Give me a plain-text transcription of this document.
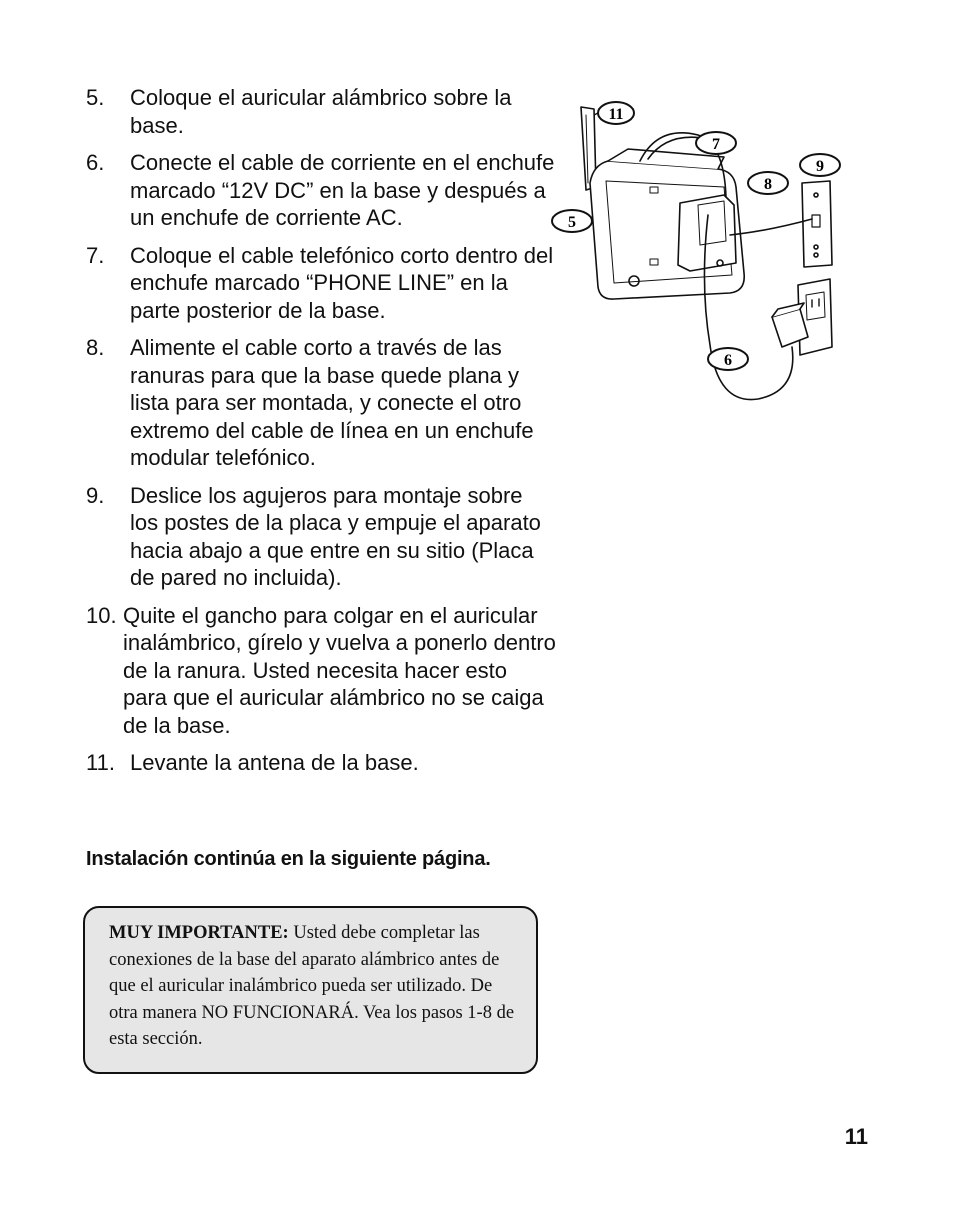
5.	Coloque el auricular alámbrico sobre la base.
6.	Conecte el cable de corriente en el enchufe marcado “12V DC” en la base y después a un enchufe de corriente AC.
7.	Coloque el cable telefónico corto dentro del enchufe marcado “PHONE LINE” en la parte posterior de la base.
8.	Alimente el cable corto a través de las ranuras para que la base quede plana y lista para ser montada, y conecte el otro extremo del cable de línea en un enchufe modular telefónico.
9.	Deslice los agujeros para montaje sobre los postes de la placa y empuje el aparato hacia abajo a que entre en su sitio (Placa de pared no incluida).
10. Quite el gancho para colgar en el auricular inalámbrico, gírelo y vuelva a ponerlo dentro de la ranura. Usted necesita hacer esto para que el auricular alámbrico no se caiga de la base.
11. Levante la antena de la base.
Instalación continúa en la siguiente página.
MUY IMPORTANTE: Usted debe completar las conexiones de la base del aparato alámbrico antes de que el auricular inalámbrico pueda ser utilizado. De otra manera NO FUNCIONARÁ. Vea los pasos 1-8 de esta sección.
11
7
9
8
5
6
11
